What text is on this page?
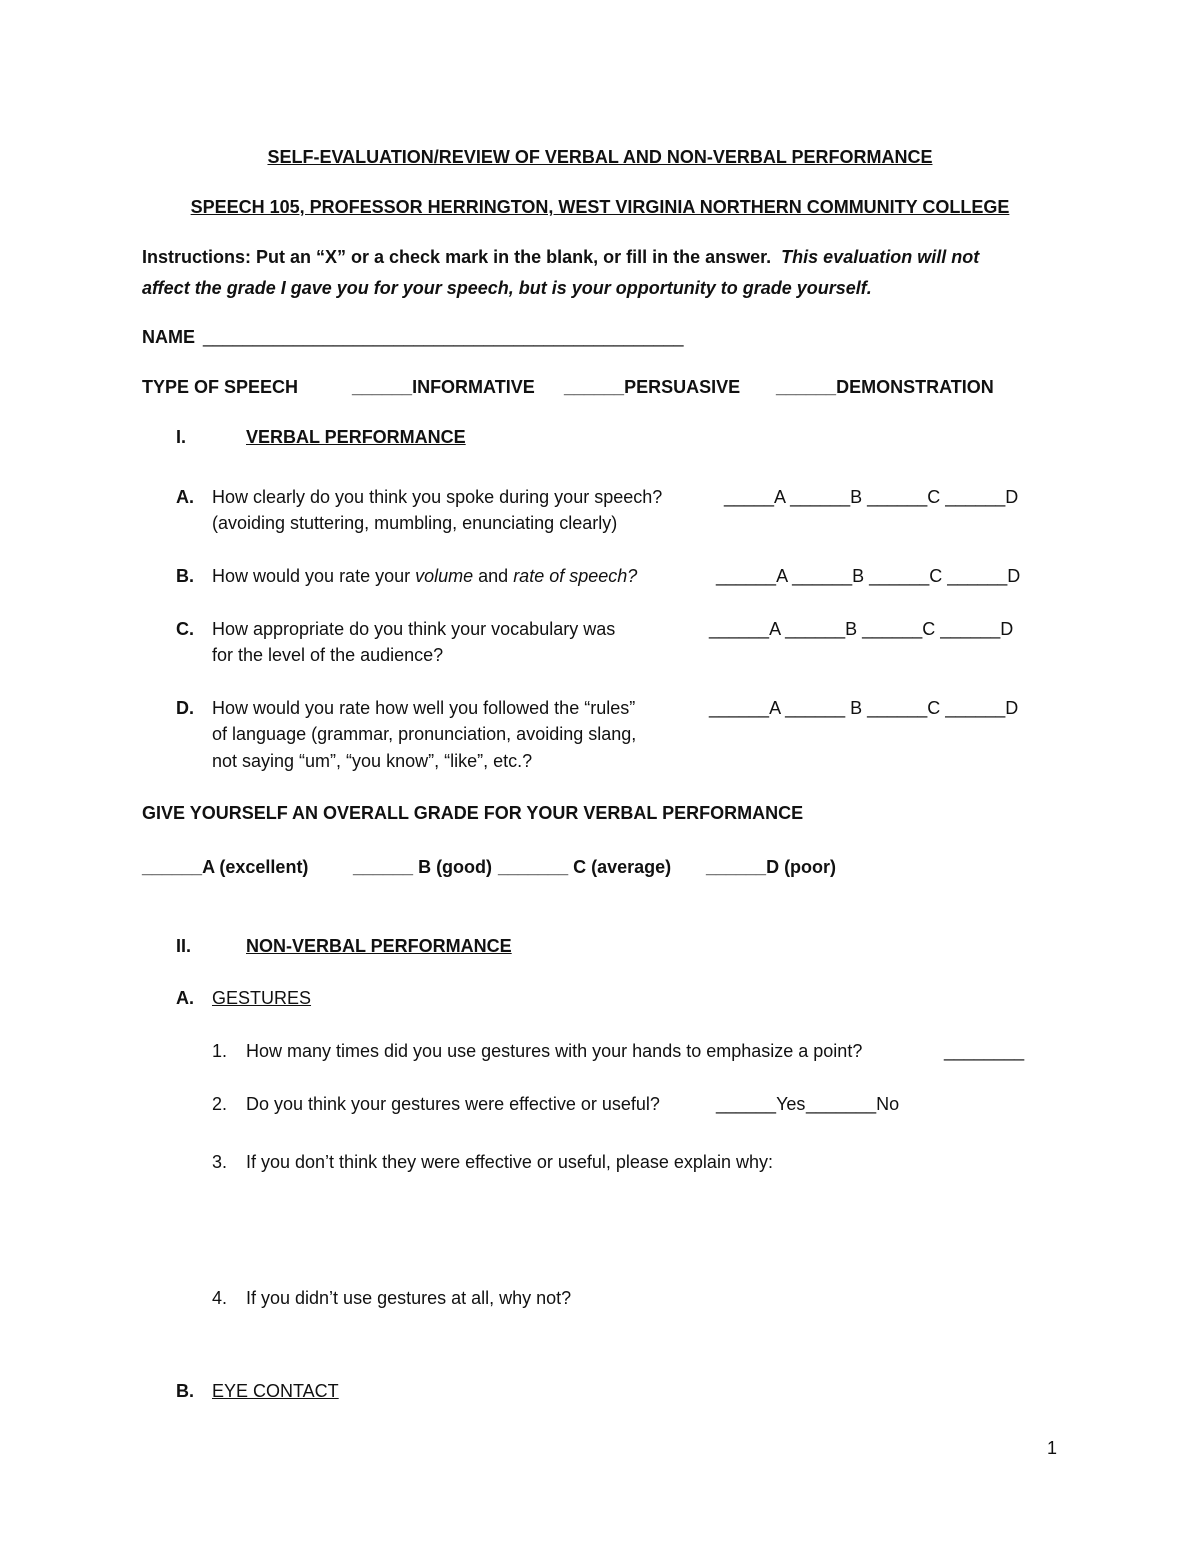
SELF-EVALUATION/REVIEW OF VERBAL AND NON-VERBAL PERFORMANCE
SPEECH 105, PROFESSOR HERRINGTON, WEST VIRGINIA NORTHERN COMMUNITY COLLEGE
Instructions: Put an “X” or a check mark in the blank, or fill in the answer. This evaluation will not
affect the grade I gave you for your speech, but is your opportunity to grade yourself.
NAME ________________________________________________
TYPE OF SPEECH	______INFORMATIVE ______PERSUASIVE ______DEMONSTRATION
I.	VERBAL PERFORMANCE
A. How clearly do you think you spoke during your speech?
(avoiding stuttering, mumbling, enunciating clearly)
_____A ______B ______C ______D
B. How would you rate your volume and rate of speech?	______A ______B ______C ______D
C. How appropriate do you think your vocabulary was
for the level of the audience?
______A ______B ______C ______D
D. How would you rate how well you followed the “rules”
of language (grammar, pronunciation, avoiding slang,
not saying “um”, “you know”, “like”, etc.?
______A ______ B ______C ______D
GIVE YOURSELF AN OVERALL GRADE FOR YOUR VERBAL PERFORMANCE
______A (excellent) ______ B (good) _______ C (average) ______D (poor)
II.	NON-VERBAL PERFORMANCE
A. GESTURES
1. How many times did you use gestures with your hands to emphasize a point?	________
2. Do you think your gestures were effective or useful?	______Yes _______No
3. If you don’t think they were effective or useful, please explain why:
4. If you didn’t use gestures at all, why not?
B. EYE CONTACT
1
